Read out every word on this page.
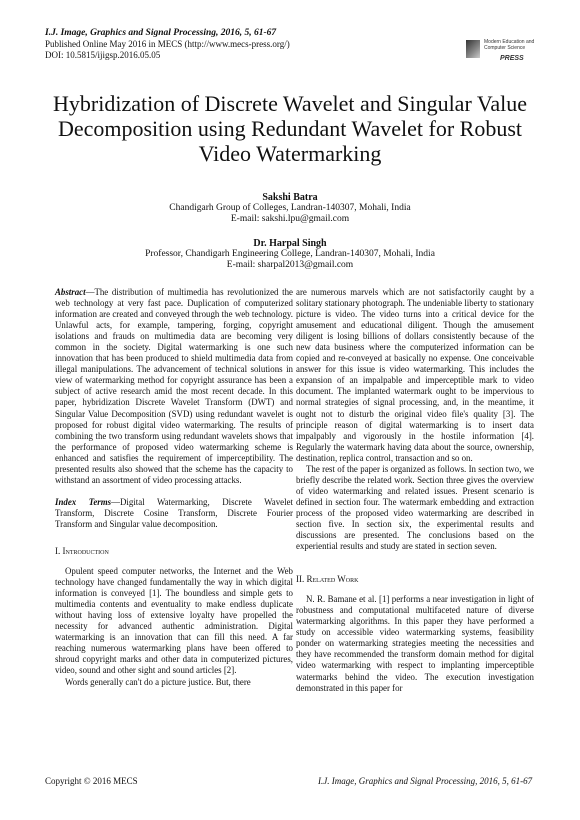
I.J. Image, Graphics and Signal Processing, 2016, 5, 61-67
Published Online May 2016 in MECS (http://www.mecs-press.org/)
DOI: 10.5815/ijigsp.2016.05.05
Modern Education and Computer Science
PRESS
Hybridization of Discrete Wavelet and Singular Value Decomposition using Redundant Wavelet for Robust Video Watermarking
Sakshi Batra
Chandigarh Group of Colleges, Landran-140307, Mohali, India
E-mail: sakshi.lpu@gmail.com
Dr. Harpal Singh
Professor, Chandigarh Engineering College, Landran-140307, Mohali, India
E-mail: sharpal2013@gmail.com

Abstract—The distribution of multimedia has revolutionized the web technology at very fast pace. Duplication of computerized information are created and conveyed through the web technology. Unlawful acts, for example, tampering, forging, copyright isolations and frauds on multimedia data are becoming very common in the society. Digital watermarking is one such innovation that has been produced to shield multimedia data from illegal manipulations. The advancement of technical solutions in view of watermarking method for copyright assurance has been a subject of active research amid the most recent decade. In this paper, hybridization Discrete Wavelet Transform (DWT) and Singular Value Decomposition (SVD) using redundant wavelet is proposed for robust digital video watermarking. The results of combining the two transform using redundant wavelets shows that the performance of proposed video watermarking scheme is enhanced and satisfies the requirement of imperceptibility. The presented results also showed that the scheme has the capacity to withstand an assortment of video processing attacks.

Index Terms—Digital Watermarking, Discrete Wavelet Transform, Discrete Cosine Transform, Discrete Fourier Transform and Singular value decomposition.

I. Introduction

Opulent speed computer networks, the Internet and the Web technology have changed fundamentally the way in which digital information is conveyed [1]. The boundless and simple gets to multimedia contents and eventuality to make endless duplicate without having loss of extensive loyalty have propelled the necessity for advanced authentic administration. Digital watermarking is an innovation that can fill this need. A far reaching numerous watermarking plans have been offered to shroud copyright marks and other data in computerized pictures, video, sound and other sight and sound articles [2].

Words generally can't do a picture justice. But, there

are numerous marvels which are not satisfactorily caught by a solitary stationary photograph. The undeniable liberty to stationary picture is video. The video turns into a critical device for the amusement and educational diligent. Though the amusement diligent is losing billions of dollars consistently because of the new data business where the computerized information can be copied and re-conveyed at basically no expense. One conceivable answer for this issue is video watermarking. This includes the expansion of an impalpable and imperceptible mark to video document. The implanted watermark ought to be impervious to normal strategies of signal processing, and, in the meantime, it ought not to disturb the original video file's quality [3]. The principle reason of digital watermarking is to insert data impalpably and vigorously in the hostile information [4]. Regularly the watermark having data about the source, ownership, destination, replica control, transaction and so on.

The rest of the paper is organized as follows. In section two, we briefly describe the related work. Section three gives the overview of video watermarking and related issues. Present scenario is defined in section four. The watermark embedding and extraction process of the proposed video watermarking are described in section five. In section six, the experimental results and discussions are presented. The conclusions based on the experiential results and study are stated in section seven.

II. Related Work

N. R. Bamane et al. [1] performs a near investigation in light of robustness and computational multifaceted nature of diverse watermarking algorithms. In this paper they have performed a study on accessible video watermarking systems, feasibility ponder on watermarking strategies meeting the necessities and they have recommended the transform domain method for digital video watermarking with respect to implanting imperceptible watermarks behind the video. The execution investigation demonstrated in this paper for

Copyright © 2016 MECS	I.J. Image, Graphics and Signal Processing, 2016, 5, 61-67
